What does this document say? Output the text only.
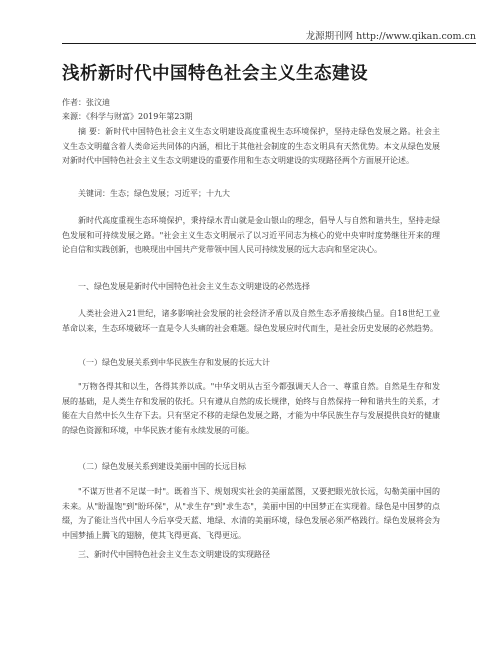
龙源期刊网 http://www.qikan.com.cn
浅析新时代中国特色社会主义生态建设
作者：张汶迪
来源：《科学与财富》2019年第23期

摘 要：新时代中国特色社会主义生态文明建设高度重视生态环境保护，坚持走绿色发展之路。社会主义生态文明蕴含着人类命运共同体的内涵，相比于其他社会制度的生态文明具有天然优势。本文从绿色发展对新时代中国特色社会主义生态文明建设的重要作用和生态文明建设的实现路径两个方面展开论述。

关键词：生态；绿色发展；习近平；十九大

新时代高度重视生态环境保护，秉持绿水青山就是金山银山的理念，倡导人与自然和谐共生，坚持走绿色发展和可持续发展之路。"社会主义生态文明展示了以习近平同志为核心的党中央审时度势继往开来的理论自信和实践创新，也映现出中国共产党带领中国人民可持续发展的远大志向和坚定决心。

一、绿色发展是新时代中国特色社会主义生态文明建设的必然选择

人类社会进入21世纪，诸多影响社会发展的社会经济矛盾以及自然生态矛盾接续凸显。自18世纪工业革命以来，生态环境破坏一直是令人头痛的社会难题。绿色发展应时代而生，是社会历史发展的必然趋势。

（一）绿色发展关系到中华民族生存和发展的长远大计

"万物各得其和以生，各得其养以成。"中华文明从古至今都强调天人合一、尊重自然。自然是生存和发展的基础，是人类生存和发展的依托。只有遵从自然的成长规律，始终与自然保持一种和谐共生的关系，才能在大自然中长久生存下去。只有坚定不移的走绿色发展之路，才能为中华民族生存与发展提供良好的健康的绿色资源和环境，中华民族才能有永续发展的可能。

（二）绿色发展关系到建设美丽中国的长远目标

"不谋万世者不足谋一时"。既着当下、规划现实社会的美丽蓝图，又要把眼光放长远，勾勒美丽中国的未来。从"盼温饱"到"盼环保"，从"求生存"到"求生态"，美丽中国的中国梦正在实现着。绿色是中国梦的点缀，为了能让当代中国人今后享受天蓝、地绿、水清的美丽环境，绿色发展必须严格践行。绿色发展将会为中国梦插上腾飞的翅膀，使其飞得更高、飞得更远。

三、新时代中国特色社会主义生态文明建设的实现路径
